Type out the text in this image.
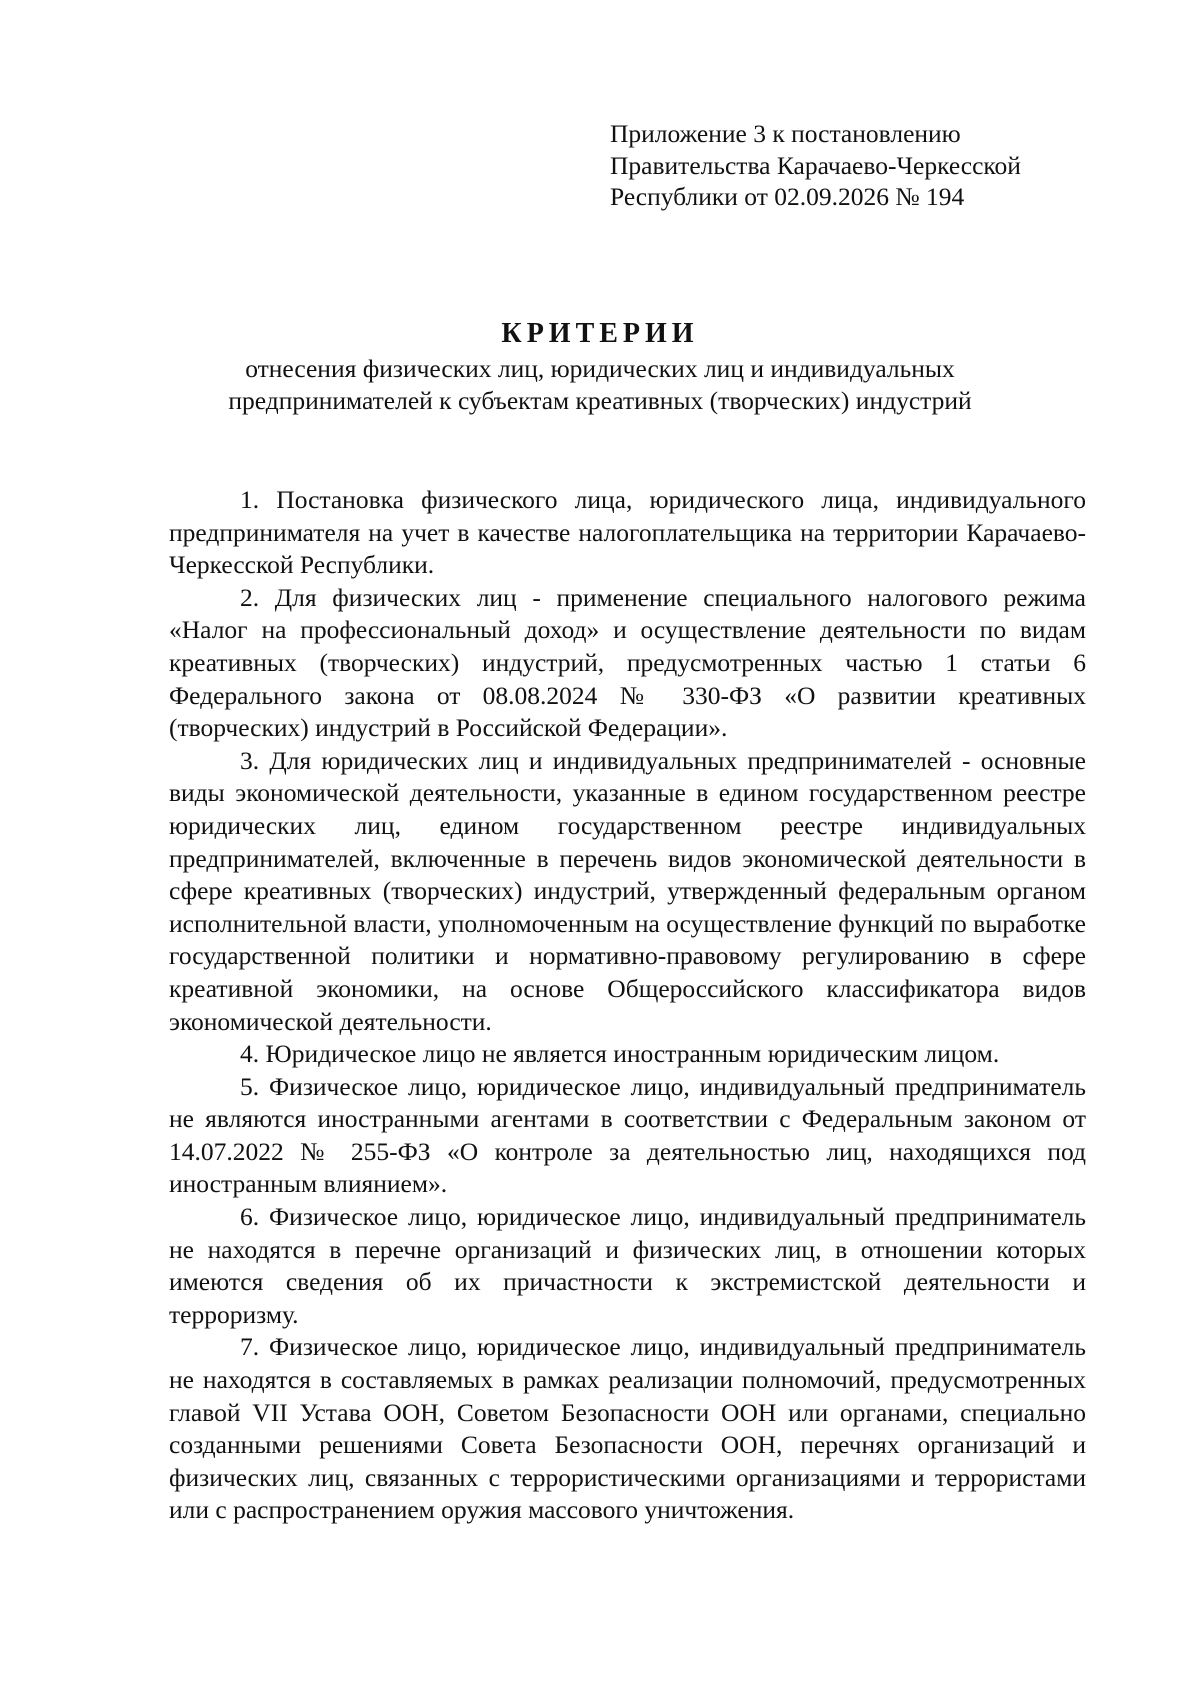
Приложение 3 к постановлению
Правительства Карачаево-Черкесской
Республики от 02.09.2026 № 194
КРИТЕРИИ
отнесения физических лиц, юридических лиц и индивидуальных
предпринимателей к субъектам креативных (творческих) индустрий

1. Постановка физического лица, юридического лица, индивидуального предпринимателя на учет в качестве налогоплательщика на территории Карачаево-Черкесской Республики.

2. Для физических лиц - применение специального налогового режима «Налог на профессиональный доход» и осуществление деятельности по видам креативных (творческих) индустрий, предусмотренных частью 1 статьи 6 Федерального закона от 08.08.2024 № 330-ФЗ «О развитии креативных (творческих) индустрий в Российской Федерации».

3. Для юридических лиц и индивидуальных предпринимателей - основные виды экономической деятельности, указанные в едином государственном реестре юридических лиц, едином государственном реестре индивидуальных предпринимателей, включенные в перечень видов экономической деятельности в сфере креативных (творческих) индустрий, утвержденный федеральным органом исполнительной власти, уполномоченным на осуществление функций по выработке государственной политики и нормативно-правовому регулированию в сфере креативной экономики, на основе Общероссийского классификатора видов экономической деятельности.

4. Юридическое лицо не является иностранным юридическим лицом.

5. Физическое лицо, юридическое лицо, индивидуальный предприниматель не являются иностранными агентами в соответствии с Федеральным законом от 14.07.2022 № 255-ФЗ «О контроле за деятельностью лиц, находящихся под иностранным влиянием».

6. Физическое лицо, юридическое лицо, индивидуальный предприниматель не находятся в перечне организаций и физических лиц, в отношении которых имеются сведения об их причастности к экстремистской деятельности и терроризму.

7. Физическое лицо, юридическое лицо, индивидуальный предприниматель не находятся в составляемых в рамках реализации полномочий, предусмотренных главой VII Устава ООН, Советом Безопасности ООН или органами, специально созданными решениями Совета Безопасности ООН, перечнях организаций и физических лиц, связанных с террористическими организациями и террористами или с распространением оружия массового уничтожения.
